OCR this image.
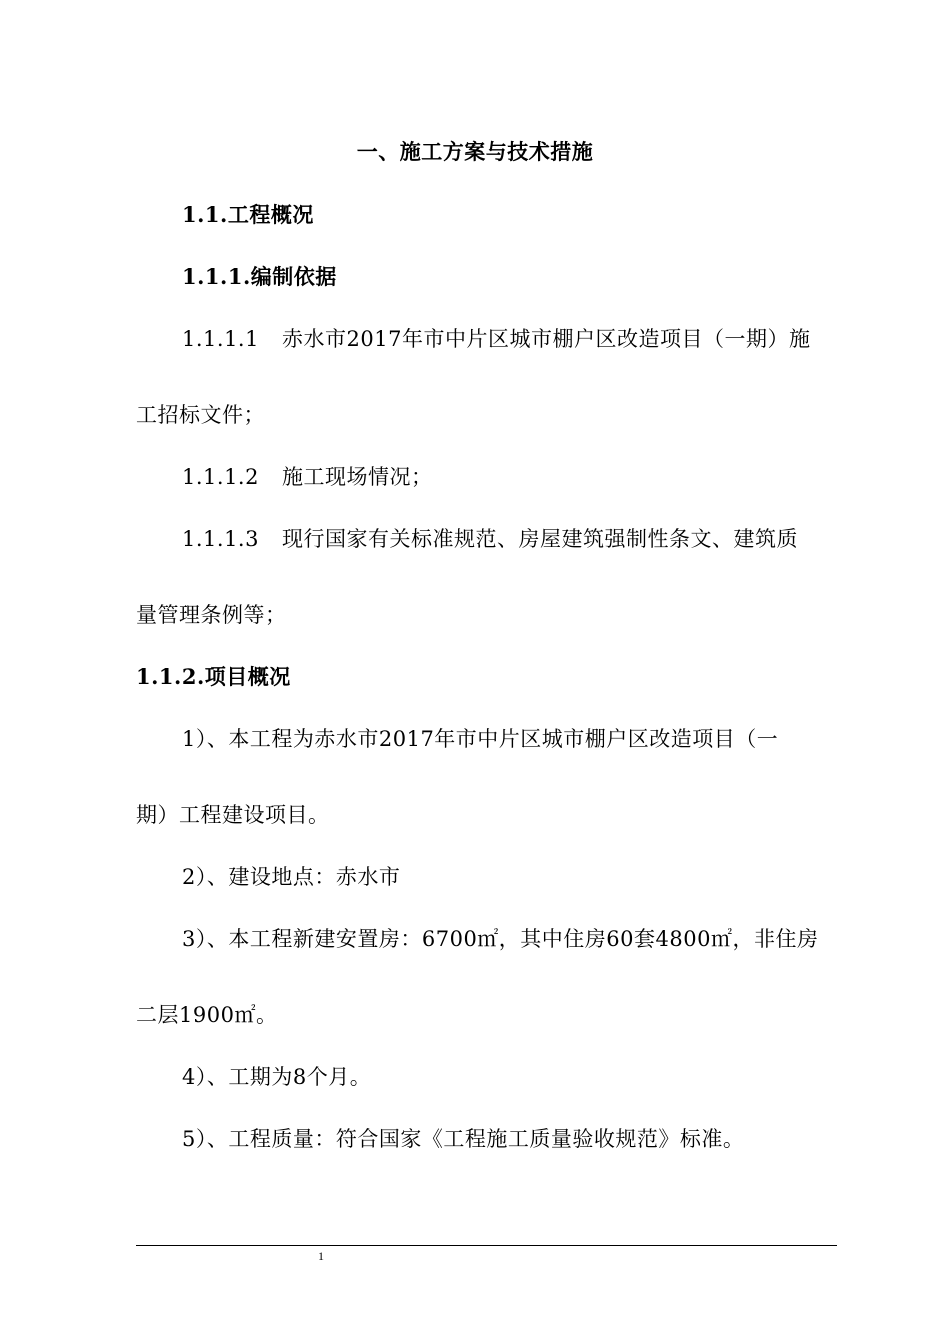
一、施工方案与技术措施
1.1.工程概况
1.1.1.编制依据
1.1.1.1 赤水市2017年市中片区城市棚户区改造项目（一期）施
工招标文件；
1.1.1.2 施工现场情况；
1.1.1.3 现行国家有关标准规范、房屋建筑强制性条文、建筑质
量管理条例等；
1.1.2.项目概况
1）、本工程为赤水市2017年市中片区城市棚户区改造项目（一
期）工程建设项目。
2）、建设地点：赤水市
3）、本工程新建安置房：6700㎡，其中住房60套4800㎡，非住房
二层1900㎡。
4）、工期为8个月。
5）、工程质量：符合国家《工程施工质量验收规范》标准。
1
